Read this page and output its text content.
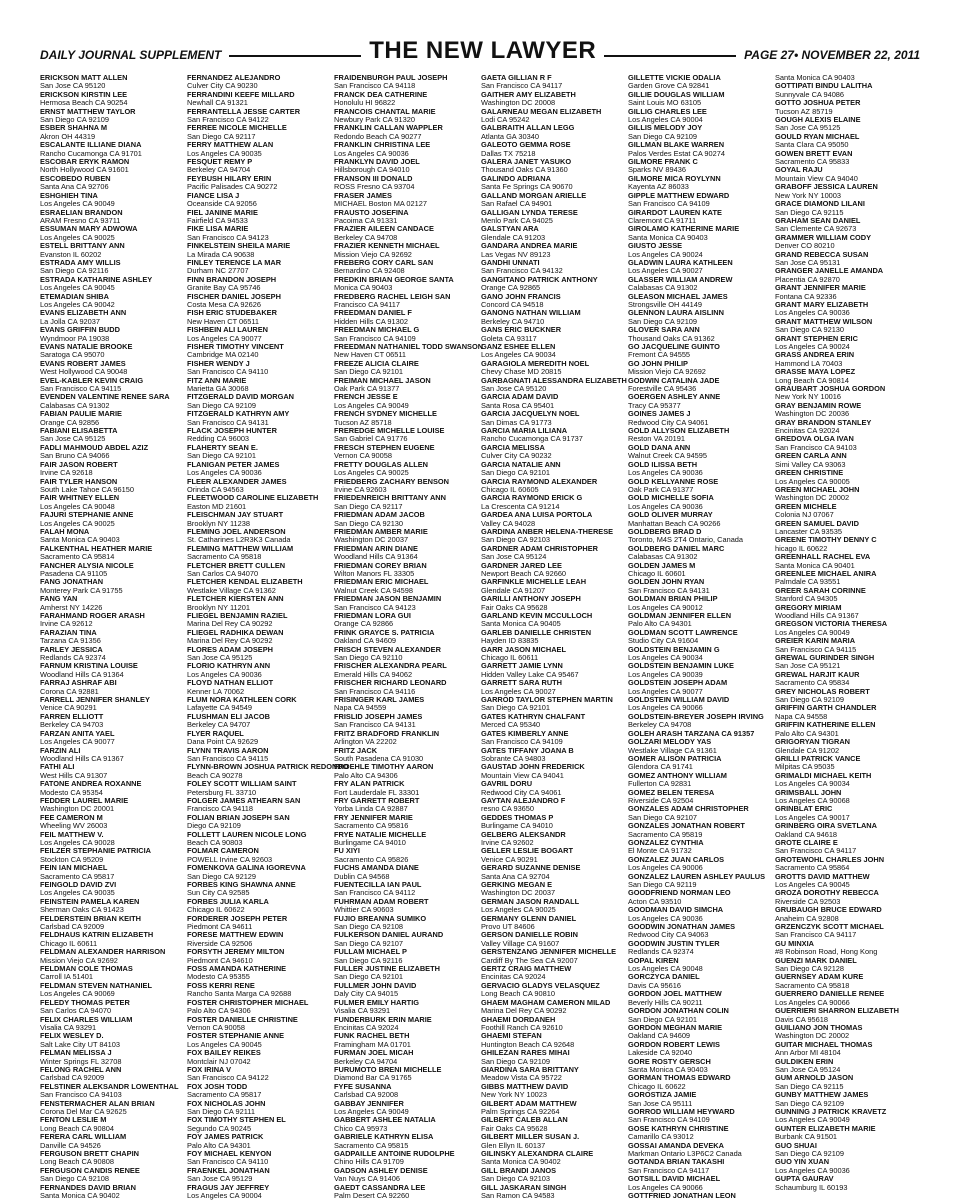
DAILY JOURNAL SUPPLEMENT	THE NEW LAWYER	PAGE 27• NOVEMBER 22, 2011
ERICKSON MATT ALLEN
San Jose CA 95120
ERICKSON KIRSTIN LEE
Hermosa Beach CA 90254
ERNST MATTHEW TAYLOR
San Diego CA 92109
ESBER SHAHNA M
Akron OH 44319
ESCALANTE ILLIANE DIANA
Rancho Cucamonga CA 91701
ESCOBAR ERYK RAMON
North Hollywood CA 91601
ESCOBEDO RUBEN
Santa Ana CA 92706
ESHGHIEH TINA
Los Angeles CA 90049
ESRAELIAN BRANDON
ARAM Fresno CA 93711
ESSUMAN MARY ADWOWA
Los Angeles CA 90025
ESTELL BRITTANY ANN
Evanston IL 60202
ESTRADA AMY WILLIS
San Diego CA 92116
ESTRADA KATHARINE ASHLEY
Los Angeles CA 90045
ETEMADIAN SHIBA
Los Angeles CA 90042
EVANS ELIZABETH ANN
La Jolla CA 92037
EVANS GRIFFIN BUDD
Wyndmoor PA 19038
EVANS NATALIE BROOKE
Saratoga CA 95070
EVANS ROBERT JAMES
West Hollywood CA 90048
EVEL-KABLER KEVIN CRAIG
San Francisco CA 94115
EVENDEN VALENTINE RENEE SARA
Calabasas CA 91302
FABIAN PAULIE MARIE
Orange CA 92856
FABIANI ELISABETTA
San Jose CA 95125
FADLI MAHMOUD ABDEL AZIZ
San Bruno CA 94066
FAIR JASON ROBERT
Irvine CA 92618
FAIR TYLER HANSON
South Lake Tahoe CA 96150
FAIR WHITNEY ELLEN
Los Angeles CA 90048
FAJURI STEPHANIE ANNE
Los Angeles CA 90025
FALAH MONA
Santa Monica CA 90403
FALKENTHAL HEATHER MARIE
Sacramento CA 95814
FANCHER ALYSIA NICOLE
Pasadena CA 91105
FANG JONATHAN
Monterey Park CA 91755
FANG YAN
Amherst NY 14226
FARAHMAND ROGER ARASH
Irvine CA 92612
FARAZIAN TINA
Tarzana CA 91356
FARLEY JESSICA
Redlands CA 92374
FARNUM KRISTINA LOUISE
Woodland Hills CA 91364
FARRAJ ASHRAF ABI
Corona CA 92881
FARRELL JENNIFER SHANLEY
Venice CA 90291
FARREN ELLIOTT
Berkeley CA 94703
FARZAN ANITA YAEL
Los Angeles CA 90077
FARZIN ALI
Woodland Hills CA 91367
FATHI ALI
West Hills CA 91307
FATONE ANDREA ROXANNE
Modesto CA 95354
FEDDER LAUREL MARIE
Washington DC 20001
FEE CAMERON M
Wheeling WV 26003
FEIL MATTHEW V.
Los Angeles CA 90028
FEILZER STEPHANIE PATRICIA
Stockton CA 95209
FEIN IAN MICHAEL
Sacramento CA 95817
FEINGOLD DAVID ZVI
Los Angeles CA 90035
FEINSTEIN PAMELA KAREN
Sherman Oaks CA 91423
FELDERSTEIN BRIAN KEITH
Carlsbad CA 92009
FELDHAUS KATRIN ELIZABETH
Chicago IL 60611
FELDMAN ALEXANDER HARRISON
Mission Viejo CA 92692
FELDMAN COLE THOMAS
Carroll IA 51401
FELDMAN STEVEN NATHANIEL
Los Angeles CA 90069
FELEDY THOMAS PETER
San Carlos CA 94070
FELIX CHARLES WILLIAM
Visalia CA 93291
FELIX WESLEY D.
Salt Lake City UT 84103
FELMAN MELISSA J
Winter Springs FL 32708
FELONG RACHEL ANN
Carlsbad CA 92009
FELSTINER ALEKSANDR LOWENTHAL
San Francisco CA 94103
FENSTERMACHER ALAN BRIAN
Corona Del Mar CA 92625
FENTON LESLIE M
Long Beach CA 90804
FERERA CARL WILLIAM
Danville CA 94526
FERGUSON BRETT CHAPIN
Long Beach CA 90808
FERGUSON CANDIS RENEE
San Diego CA 92108
FERNANDES DAVID BRIAN
Santa Monica CA 90402
FERNANDEZ ALEJANDRO
Culver City CA 90230
FERRANDINI KEEFE MILLARD
Newhall CA 91321
FERRANTELLA JESSE CARTER
San Francisco CA 94122
FERREE NICOLE MICHELLE
San Diego CA 92117
FERRY MATTHEW ALAN
Los Angeles CA 90035
FESQUET REMY P
Berkeley CA 94704
FEYBUSH HILARY ERIN
Pacific Palisades CA 90272
FIANCE LISA J
Oceanside CA 92056
FIEL JANINE MARIE
Fairfield CA 94533
FIKE LISA MARIE
San Francisco CA 94123
FINKELSTEIN SHEILA MARIE
La Mirada CA 90638
FINLEY TERENCE LA MAR
Durham NC 27707
FINN BRANDON JOSEPH
Granite Bay CA 95746
FISCHER DANIEL JOSEPH
Costa Mesa CA 92626
FISH ERIC STUDEBAKER
New Haven CT 06511
FISHBEIN ALI LAUREN
Los Angeles CA 90077
FISHER TIMOTHY VINCENT
Cambridge MA 02140
FISHER WENDY J
San Francisco CA 94110
FITZ ANN MARIE
Marietta GA 30068
FITZGERALD DAVID MORGAN
San Diego CA 92109
FITZGERALD KATHRYN AMY
San Francisco CA 94131
FLACK JOSEPH HUNTER
Redding CA 96003
FLAHERTY SEAN E.
San Diego CA 92101
FLANIGAN PETER JAMES
Los Angeles CA 90036
FLEER ALEXANDER JAMES
Orinda CA 94563
FLEETWOOD CAROLINE ELIZABETH
Easton MD 21601
FLEISCHMAN JAY STUART
Brooklyn NY 11238
FLEMING JOEL ANDERSON
St. Catharines L2R3K3 Canada
FLEMING MATTHEW WILLIAM
Sacramento CA 95818
FLETCHER BRETT CULLEN
San Carlos CA 94070
FLETCHER KENDAL ELIZABETH
Westlake Village CA 91362
FLETCHER KIERSTEN ANN
Brooklyn NY 11201
FLIEGEL BENJAMIN RAZIEL
Marina Del Rey CA 90292
FLIEGEL RADHIKA DEWAN
Marina Del Rey CA 90292
FLORES ADAM JOSEPH
San Jose CA 95125
FLORIO KATHRYN ANN
Los Angeles CA 90036
FLOYD NATHAN ELLIOT
Kenner LA 70062
FLUM NORA KATHLEEN CORK
Lafayette CA 94549
FLUSHMAN ELI JACOB
Berkeley CA 94707
FLYER RAQUEL
Dana Point CA 92629
FLYNN TRAVIS AARON
San Francisco CA 94115
FLYNN-BROWN JOSHUA PATRICK REDONDO
Beach CA 90278
FOLEY SCOTT WILLIAM SAINT
Petersburg FL 33710
FOLGER JAMES ATHEARN SAN
Francisco CA 94118
FOLIAN BRIAN JOSEPH SAN
Diego CA 92109
FOLLETT LAUREN NICOLE LONG
Beach CA 90803
FOLMAR CAMERON
POWELL Irvine CA 92603
FOMENKOVA GALINA IGOREVNA
San Diego CA 92129
FORBES KING SHAWNA ANNE
Sun City CA 92585
FORBES JULIA KARLA
Chicago IL 60622
FORDERER JOSEPH PETER
Piedmont CA 94611
FORESE MATTHEW EDWIN
Riverside CA 92506
FORSYTH JEREMY MILTON
Piedmont CA 94610
FOSS AMANDA KATHERINE
Modesto CA 95355
FOSS KERRI RENE
Rancho Santa Marga CA 92688
FOSTER CHRISTOPHER MICHAEL
Palo Alto CA 94306
FOSTER DANIELLE CHRISTINE
Vernon CA 90058
FOSTER STEPHANIE ANNE
Los Angeles CA 90045
FOX BAILEY REIKES
Montclair NJ 07042
FOX IRINA V
San Francisco CA 94122
FOX JOSH TODD
Sacramento CA 95817
FOX NICHOLAS JOHN
San Diego CA 92111
FOX TIMOTHY STEPHEN EL
Segundo CA 90245
FOY JAMES PATRICK
Palo Alto CA 94301
FOY MICHAEL KENYON
San Francisco CA 94110
FRAENKEL JONATHAN
San Jose CA 95129
FRAGUS JAY JEFFREY
Los Angeles CA 90004
FRAIDENBURGH PAUL JOSEPH
San Francisco CA 94118
FRANCK DEA CATHERINE
Honolulu HI 96822
FRANCOIS CHANTAL MARIE
Newbury Park CA 91320
FRANKLIN CALLAN WAPPLER
Redondo Beach CA 90277
FRANKLIN CHRISTINA LEE
Los Angeles CA 90036
FRANKLYN DAVID JOEL
Hillsborough CA 94010
FRANSON III DONALD
ROSS Fresno CA 93704
FRASER JAMES
MICHAEL Boston MA 02127
FRAUSTO JOSEFINA
Pacoima CA 91331
FRAZIER AILEEN CANDACE
Berkeley CA 94708
FRAZIER KENNETH MICHAEL
Mission Viejo CA 92692
FREBERG CORY CARL SAN
Bernardino CA 92408
FREDKIN BRIAN GEORGE SANTA
Monica CA 90403
FREDBERG RACHEL LEIGH SAN
Francisco CA 94117
FREEDMAN DANIEL F
Hidden Hills CA 91302
FREEDMAN MICHAEL G
San Francisco CA 94109
FREEDMAN NATHANIEL TODD SWANSON
New Haven CT 06511
FREEZE ALICIA CLAIRE
San Diego CA 92101
FREIMAN MICHAEL JASON
Oak Park CA 91377
FRENCH JESSE E
Los Angeles CA 90049
FRENCH SYDNEY MICHELLE
Tucson AZ 85718
FREREDGE MICHELLE LOUISE
San Gabriel CA 91776
FRESCH STEPHEN EUGENE
Vernon CA 90058
FRETTY DOUGLAS ALLEN
Los Angeles CA 90025
FRIEDBERG ZACHARY BENSON
Irvine CA 92603
FRIEDENREICH BRITTANY ANN
San Diego CA 92117
FRIEDMAN ADAM JACOB
San Diego CA 92130
FRIEDMAN AMBER MARIE
Washington DC 20037
FRIEDMAN ARIN DIANE
Woodland Hills CA 91364
FRIEDMAN COREY BRIAN
Wilton Manors FL 33305
FRIEDMAN ERIC MICHAEL
Walnut Creek CA 94598
FRIEDMAN JASON BENJAMIN
San Francisco CA 94123
FRIEDMAN LORA GUI
Orange CA 92866
FRINK GRAYCE S. PATRICIA
Oakland CA 94609
FRISCH STEVEN ALEXANDER
San Diego CA 92110
FRISCHER ALEXANDRA PEARL
Emerald Hills CA 94062
FRISCHER RICHARD LEONARD
San Francisco CA 94116
FRISINGER KARL JAMES
Napa CA 94559
FRISLID JOSEPH JAMES
San Francisco CA 94131
FRITZ BRADFORD FRANKLIN
Arlington VA 22202
FRITZ JACK
South Pasadena CA 91030
FROEHLE TIMOTHY AARON
Palo Alto CA 94306
FRY ALAN PATRICK
Fort Lauderdale FL 33301
FRY GARRETT ROBERT
Yorba Linda CA 92887
FRY JENNIFER MARIE
Sacramento CA 95816
FRYE NATALIE MICHELLE
Burlingame CA 94010
FU XIYI
Sacramento CA 95826
FUCHS AMANDA DIANE
Dublin CA 94568
FUENTECILLA IAN PAUL
San Francisco CA 94112
FUHRMAN ADAM ROBERT
Whittier CA 90603
FUJIO BREANNA SUMIKO
San Diego CA 92108
FULKERSON DANIEL AURAND
San Diego CA 92107
FULLAM MICHAEL P
San Diego CA 92116
FULLER JUSTINE ELIZABETH
San Diego CA 92101
FULLMER JOHN DAVID
Daly City CA 94015
FULMER EMILY HARTIG
Visalia CA 93291
FUNDERBURK ERIN MARIE
Encinitas CA 92024
FUNK RACHEL BETH
Framingham MA 01701
FURMAN JOEL MICAH
Berkeley CA 94704
FURUMOTO BRENI MICHELLE
Diamond Bar CA 91765
FYFE SUSANNA
Carlsbad CA 92008
GABBAY JENNIFER
Los Angeles CA 90049
GABBERT ASHLEE NATALIA
Chico CA 95973
GABRIELE KATHRYN ELISA
Sacramento CA 95815
GADPAILLE ANTOINE RUDOLPHE
Chino Hills CA 91709
GADSON ASHLEY DENISE
Van Nuys CA 91406
GAEDT CASSANDRA LEE
Palm Desert CA 92260
GAETA GILLIAN R F
San Francisco CA 94117
GAITHER AMY ELIZABETH
Washington DC 20008
GALARNEAU MEGAN ELIZABETH
Lodi CA 95242
GALBRAITH ALLAN LEGG
Atlanta GA 30340
GALEOTO GEMMA ROSE
Dallas TX 75218
GALERA JANET YASUKO
Thousand Oaks CA 91360
GALINDO ADRIANA
Santa Fe Springs CA 90670
GALLAND MORGAN ARIELLE
San Rafael CA 94901
GALLIGAN LYNDA TERESE
Menlo Park CA 94025
GALSTYAN ARA
Glendale CA 91203
GANDARA ANDREA MARIE
Las Vegas NV 89123
GANDHI UNNATI
San Francisco CA 94132
GANGITANO PATRICK ANTHONY
Orange CA 92865
GANO JOHN FRANCIS
Concord CA 94518
GANONG NATHAN WILLIAM
Berkeley CA 94710
GANS ERIC BUCKNER
Goleta CA 93117
GANZ ESHEE ELLEN
Los Angeles CA 90034
GARAGIOLA MEREDITH NOEL
Chevy Chase MD 20815
GARBAGNATI ALESSANDRA ELIZABETH
San Jose CA 95120
GARCIA ADAM DAVID
Santa Rosa CA 95401
GARCIA JACQUELYN NOEL
San Dimas CA 91773
GARCIA MARIA LILIANA
Rancho Cucamonga CA 91737
GARCIA MELISSA
Culver City CA 90232
GARCIA NATALIE ANN
San Diego CA 92101
GARCIA RAYMOND ALEXANDER
Chicago IL 60605
GARCIA RAYMOND ERICK G
La Crescenta CA 91214
GARDEA ANA LUISA PORTOLA
Valley CA 94028
GARDINA ANBER HELENA-THERESE
San Diego CA 92103
GARDNER ADAM CHRISTOPHER
San Jose CA 95124
GARDNER JARED LEE
Newport Beach CA 92660
GARFINKLE MICHELLE LEAH
Glendale CA 91207
GARILLI ANTHONY JOSEPH
Fair Oaks CA 95628
GARLAND KEVIN MCCULLOCH
Santa Monica CA 90405
GARLEB DANIELLE CHRISTEN
Hayden ID 83835
GARR JASON MICHAEL
Chicago IL 60611
GARRETT JAMIE LYNN
Hidden Valley Lake CA 95467
GARRETT SARA RUTH
Los Angeles CA 90027
GARROD TAYLOR STEPHEN MARTIN
San Diego CA 92101
GATES KATHRYN CHALFANT
Merced CA 95340
GATES KIMBERLY ANNE
San Francisco CA 94109
GATES TIFFANY JOANA B
Sobrante CA 94803
GAUSTAD JOHN FREDERICK
Mountain View CA 94041
GAVRIL DORU
Redwood City CA 94061
GAYTAN ALEJANDRO F
resno CA 93650
GEDDES THOMAS P
Burlingame CA 94010
GELBERG ALEKSANDR
Irvine CA 92602
GELLER LESLIE BOGART
Venice CA 90291
GERARD SUZANNE DENISE
Santa Ana CA 92704
GERKING MEGAN E
Washington DC 20037
GERMAN JASON RANDALL
Los Angeles CA 90025
GERMANY GLENN DANIEL
Provo UT 84606
GERSON DANIELLE ROBIN
Valley Village CA 91607
GERSTENZANG JENNIFER MICHELLE
Cardiff By The Sea CA 92007
GERTZ CRAIG MATTHEW
Encinitas CA 92024
GERVACIO GLADYS VELASQUEZ
Long Beach CA 90810
GHAEM MAGHAM CAMERON MILAD
Marina Del Rey CA 90292
GHAEMI DORDANEH
Foothill Ranch CA 92610
GHAEMI STEFAN
Huntington Beach CA 92648
GHILEZAN RARES MIHAI
San Diego CA 92109
GIARDINA SARA BRITTANY
Meadow Vista CA 95722
GIBBS MATTHEW DAVID
New York NY 10023
GILBERT ADAM MATTHEW
Palm Springs CA 92264
GILBERT CALEB ALLAN
Fair Oaks CA 95628
GILBERT MILLER SUSAN J.
Glen Ellyn IL 60137
GILINSKY ALEXANDRA CLAIRE
Santa Monica CA 90402
GILL BRANDI JANOS
San Diego CA 92103
GILL JASKARAN SINGH
San Ramon CA 94583
GILLETTE VICKIE ODALIA
Garden Grove CA 92841
GILLIE DOUGLAS WILLIAM
Saint Louis MO 63105
GILLIG CHARLES LEE
Los Angeles CA 90004
GILLIS MELODY JOY
San Diego CA 92109
GILLMAN BLAKE WARREN
Palos Verdes Estat CA 90274
GILMORE FRANK C
Sparks NV 89436
GILMORE MICA ROYLYNN
Kayenta AZ 86033
GIPPLE MATTHEW EDWARD
San Francisco CA 94109
GIRARDOT LAUREN KATE
Claremont CA 91711
GIROLAMO KATHERINE MARIE
Santa Monica CA 90403
GIUSTO JESSE
Los Angeles CA 90024
GLADWIN LAURA KATHLEEN
Los Angeles CA 90027
GLASSER WILLIAM ANDREW
Calabasas CA 91302
GLEASON MICHAEL JAMES
Strongsville OH 44149
GLENNON LAURA AISLINN
San Diego CA 92109
GLOVER SARA ANN
Thousand Oaks CA 91362
GO JACQUELINE GUINTO
Fremont CA 94555
GO JOHN PHILIP
Mission Viejo CA 92692
GODWIN CATALINA JADE
Forestville CA 95436
GOERGEN ASHLEY ANNE
Tracy CA 95377
GOINES JAMES J
Redwood City CA 94061
GOLD ALLYSON ELIZABETH
Reston VA 20191
GOLD DANA ANN
Walnut Creek CA 94595
GOLD ILISSA BETH
Los Angeles CA 90036
GOLD KELLYANNE ROSE
Oak Park CA 91377
GOLD MICHELLE SOFIA
Los Angeles CA 90036
GOLD OLIVER MURRAY
Manhattan Beach CA 90266
GOLDBERG BRAD D
Toronto, M4S 2T4 Ontario, Canada
GOLDBERG DANIEL MARC
Calabasas CA 91302
GOLDEN JAMES M
Chicago IL 60601
GOLDEN JOHN RYAN
San Francisco CA 94131
GOLDMAN BRIAN PHILIP
Los Angeles CA 90012
GOLDMAN JENNIFER ELLEN
Palo Alto CA 94301
GOLDMAN SCOTT LAWRENCE
Studio City CA 91604
GOLDSTEIN BENJAMIN G
Los Angeles CA 90034
GOLDSTEIN BENJAMIN LUKE
Los Angeles CA 90039
GOLDSTEIN JOSEPH ADAM
Los Angeles CA 90077
GOLDSTEIN WILLIAM DAVID
Los Angeles CA 90066
GOLDSTEIN-BREYER JOSEPH IRVING
Berkeley CA 94708
GOLEH ARASH TARZANA CA 91357
GOLZARI MELODY YAS
Westlake Village CA 91361
GOMER ALISON PATRICIA
Glendora CA 91741
GOMEZ ANTHONY WILLIAM
Fullerton CA 92831
GOMEZ BELEN TERESA
Riverside CA 92504
GONZALES ADAM CHRISTOPHER
San Diego CA 92107
GONZALES JONATHAN ROBERT
Sacramento CA 95819
GONZALEZ CYNTHIA
El Monte CA 91732
GONZALEZ JUAN CARLOS
Los Angeles CA 90006
GONZALEZ LAUREN ASHLEY PAULUS
San Diego CA 92119
GOODFRIEND NORMAN LEO
Acton CA 93510
GOODMAN DAVID SIMCHA
Los Angeles CA 90036
GOODWIN JONATHAN JAMES
Redwood City CA 94063
GOODWIN JUSTIN TYLER
Redlands CA 92374
GOPAL KIREN
Los Angeles CA 90048
GORCZYCA DANIEL
Davis CA 95616
GORDON JOEL MATTHEW
Beverly Hills CA 90211
GORDON JONATHAN COLIN
San Diego CA 92101
GORDON MEGHAN MARIE
Oakland CA 94609
GORDON ROBERT LEWIS
Lakeside CA 92040
GORE ROSTY GERSCH
Santa Monica CA 90403
GORMAN THOMAS EDWARD
Chicago IL 60622
GOROSTIZA JAMIE
San Jose CA 95111
GORROD WILLIAM HEYWARD
San Francisco CA 94109
GOSE KATHRYN CHRISTINE
Camarillo CA 93012
GOSSAI AMANDA DEVEKA
Markman Ontario L3P6C2 Canada
GOTANDA BRIAN TAKASHI
San Francisco CA 94117
GOTSILL DAVID MICHAEL
Los Angeles CA 90066
GOTTFRIED JONATHAN LEON
Santa Monica CA 90403
GOTTIPATI BINDU LALITHA
Sunnyvale CA 94086
GOTTO JOSHUA PETER
Tucson AZ 85719
GOUGH ALEXIS ELAINE
San Jose CA 95125
GOULD RYAN MICHAEL
Santa Clara CA 95050
GOWEN BRETT EVAN
Sacramento CA 95833
GOYAL RAJU
Mountain View CA 94040
GRABOFF JESSICA LAUREN
New York NY 10003
GRACE DIAMOND LILANI
San Diego CA 92115
GRAHAM SEAN DANIEL
San Clemente CA 92673
GRAMMER WILLIAM CODY
Denver CO 80210
GRAND REBECCA SUSAN
San Jose CA 95131
GRANGER JANELLE AMANDA
Placentia CA 92870
GRANT JENNIFER MARIE
Fontana CA 92336
GRANT MARY ELIZABETH
Los Angeles CA 90036
GRANT MATTHEW WILSON
San Diego CA 92130
GRANT STEPHEN ERIC
Los Angeles CA 90024
GRASS ANDREA ERIN
Hammond LA 70403
GRASSE MAYA LOPEZ
Long Beach CA 90814
GRAUBART JOSHUA GORDON
New York NY 10016
GRAY BENJAMIN ROWE
Washington DC 20036
GRAY BRANDON STANLEY
Encinitas CA 92024
GREDOVA OLGA IVAN
San Francisco CA 94103
GREEN CARLA ANN
Simi Valley CA 93063
GREEN CHRISTINE
Los Angeles CA 90005
GREEN MICHAEL JOHN
Washington DC 20002
GREEN MICHELE
Colonia NJ 07067
GREEN SAMUEL DAVID
Lancaster CA 93535
GREENE TIMOTHY DENNY C
hicago IL 60622
GREENHALL RACHEL EVA
Santa Monica CA 90401
GREENLEE MICHAEL ANIRA
Palmdale CA 93551
GREER SARAH CORINNE
Stanford CA 94305
GREGORY MIRIAM
Woodland Hills CA 91367
GREGSON VICTORIA THERESA
Los Angeles CA 90049
GREIER KARIN MARIA
San Francisco CA 94115
GREWAL GURINDER SINGH
San Jose CA 95121
GREWAL HARJIT KAUR
Sacramento CA 95834
GREY NICHOLAS ROBERT
San Diego CA 92109
GRIFFIN GARTH CHANDLER
Napa CA 94558
GRIFFIN KATHERINE ELLEN
Palo Alto CA 94301
GRIGORYAN TIGRAN
Glendale CA 91202
GRILLI PATRICK VANCE
Milpitas CA 95035
GRIMALDI MICHAEL KEITH
Los Angeles CA 90034
GRIMSBALL JOHN
Los Angeles CA 90068
GRINBLAT ERIC
Los Angeles CA 90017
GRINBERG OIRA SVETLANA
Oakland CA 94618
GROTE CLAIRE E
San Francisco CA 94117
GROTEWOHL CHARLES JOHN
Sacramento CA 95864
GROTTS DAVID MATTHEW
Los Angeles CA 90045
GROZA DOROTHY REBECCA
Riverside CA 92503
GRUBAUGH BRUCE EDWARD
Anaheim CA 92808
GRZENCZYK SCOTT MICHAEL
San Francisco CA 94117
GU MINXIA
#8 Robinson Road, Hong Kong
GUENZI MARK DANIEL
San Diego CA 92128
GUERNSEY ADAM KURE
Sacramento CA 95818
GUERRERO DANIELLE RENEE
Los Angeles CA 90066
GUERRIERI SHARRON ELIZABETH
Davis CA 95618
GUILIANO JON THOMAS
Washington DC 20002
GUITAR MICHAEL THOMAS
Ann Arbor MI 48104
GULDIKEN ERIN
San Jose CA 95124
GUM ARNOLD JASON
San Diego CA 92115
GUNBY MATTHEW JAMES
San Diego CA 92109
GUNNING J PATRICK KRAVETZ
Los Angeles CA 90049
GUNTER ELIZABETH MARIE
Burbank CA 91501
GUO SHUAI
San Diego CA 92109
GUO YIN XUAN
Los Angeles CA 90036
GUPTA GAURAV
Schaumburg IL 60193
